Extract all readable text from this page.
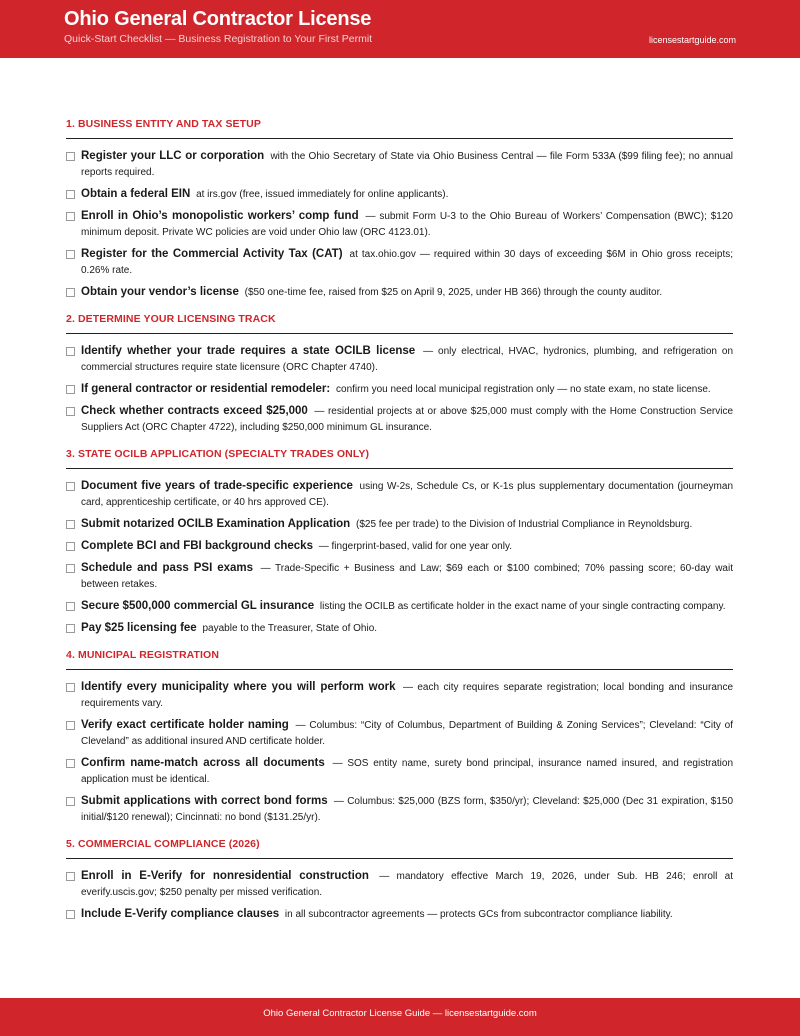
Ohio General Contractor License
Quick-Start Checklist — Business Registration to Your First Permit	licensestartguide.com
1. BUSINESS ENTITY AND TAX SETUP
Register your LLC or corporation with the Ohio Secretary of State via Ohio Business Central — file Form 533A ($99 filing fee); no annual reports required.
Obtain a federal EIN at irs.gov (free, issued immediately for online applicants).
Enroll in Ohio’s monopolistic workers’ comp fund — submit Form U-3 to the Ohio Bureau of Workers’ Compensation (BWC); $120 minimum deposit. Private WC policies are void under Ohio law (ORC 4123.01).
Register for the Commercial Activity Tax (CAT) at tax.ohio.gov — required within 30 days of exceeding $6M in Ohio gross receipts; 0.26% rate.
Obtain your vendor’s license ($50 one-time fee, raised from $25 on April 9, 2025, under HB 366) through the county auditor.
2. DETERMINE YOUR LICENSING TRACK
Identify whether your trade requires a state OCILB license — only electrical, HVAC, hydronics, plumbing, and refrigeration on commercial structures require state licensure (ORC Chapter 4740).
If general contractor or residential remodeler: confirm you need local municipal registration only — no state exam, no state license.
Check whether contracts exceed $25,000 — residential projects at or above $25,000 must comply with the Home Construction Service Suppliers Act (ORC Chapter 4722), including $250,000 minimum GL insurance.
3. STATE OCILB APPLICATION (SPECIALTY TRADES ONLY)
Document five years of trade-specific experience using W-2s, Schedule Cs, or K-1s plus supplementary documentation (journeyman card, apprenticeship certificate, or 40 hrs approved CE).
Submit notarized OCILB Examination Application ($25 fee per trade) to the Division of Industrial Compliance in Reynoldsburg.
Complete BCI and FBI background checks — fingerprint-based, valid for one year only.
Schedule and pass PSI exams — Trade-Specific + Business and Law; $69 each or $100 combined; 70% passing score; 60-day wait between retakes.
Secure $500,000 commercial GL insurance listing the OCILB as certificate holder in the exact name of your single contracting company.
Pay $25 licensing fee payable to the Treasurer, State of Ohio.
4. MUNICIPAL REGISTRATION
Identify every municipality where you will perform work — each city requires separate registration; local bonding and insurance requirements vary.
Verify exact certificate holder naming — Columbus: “City of Columbus, Department of Building & Zoning Services”; Cleveland: “City of Cleveland” as additional insured AND certificate holder.
Confirm name-match across all documents — SOS entity name, surety bond principal, insurance named insured, and registration application must be identical.
Submit applications with correct bond forms — Columbus: $25,000 (BZS form, $350/yr); Cleveland: $25,000 (Dec 31 expiration, $150 initial/$120 renewal); Cincinnati: no bond ($131.25/yr).
5. COMMERCIAL COMPLIANCE (2026)
Enroll in E-Verify for nonresidential construction — mandatory effective March 19, 2026, under Sub. HB 246; enroll at everify.uscis.gov; $250 penalty per missed verification.
Include E-Verify compliance clauses in all subcontractor agreements — protects GCs from subcontractor compliance liability.
Ohio General Contractor License Guide — licensestartguide.com
